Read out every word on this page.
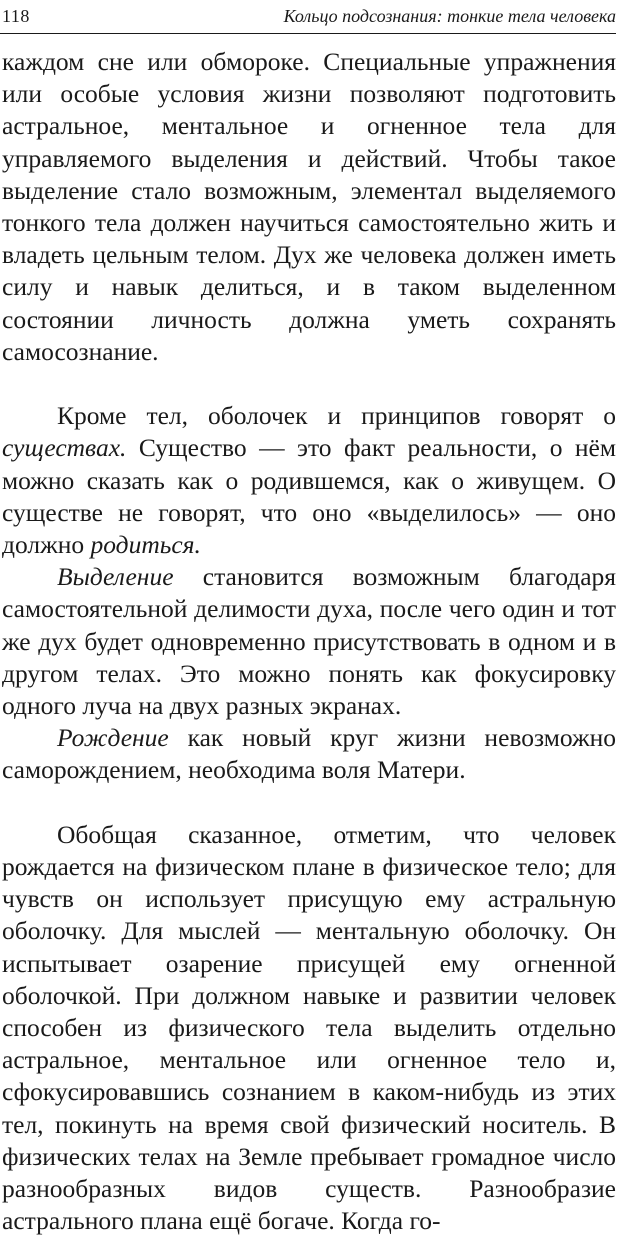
118	Кольцо подсознания: тонкие тела человека

каждом сне или обмороке. Специальные упражнения или особые условия жизни позволяют подготовить астральное, ментальное и огненное тела для управляемого выделения и действий. Чтобы такое выделение стало возможным, элементал выделяемого тонкого тела должен научиться самостоятельно жить и владеть цельным телом. Дух же человека должен иметь силу и навык делиться, и в таком выделенном состоянии личность должна уметь сохранять самосознание.

Кроме тел, оболочек и принципов говорят о существах. Существо — это факт реальности, о нём можно сказать как о родившемся, как о живущем. О существе не говорят, что оно «выделилось» — оно должно родиться.

Выделение становится возможным благодаря самостоятельной делимости духа, после чего один и тот же дух будет одновременно присутствовать в одном и в другом телах. Это можно понять как фокусировку одного луча на двух разных экранах.

Рождение как новый круг жизни невозможно саморождением, необходима воля Матери.

Обобщая сказанное, отметим, что человек рождается на физическом плане в физическое тело; для чувств он использует присущую ему астральную оболочку. Для мыслей — ментальную оболочку. Он испытывает озарение присущей ему огненной оболочкой. При должном навыке и развитии человек способен из физического тела выделить отдельно астральное, ментальное или огненное тело и, сфокусировавшись сознанием в каком-нибудь из этих тел, покинуть на время свой физический носитель. В физических телах на Земле пребывает громадное число разнообразных видов существ. Разнообразие астрального плана ещё богаче. Когда го-
